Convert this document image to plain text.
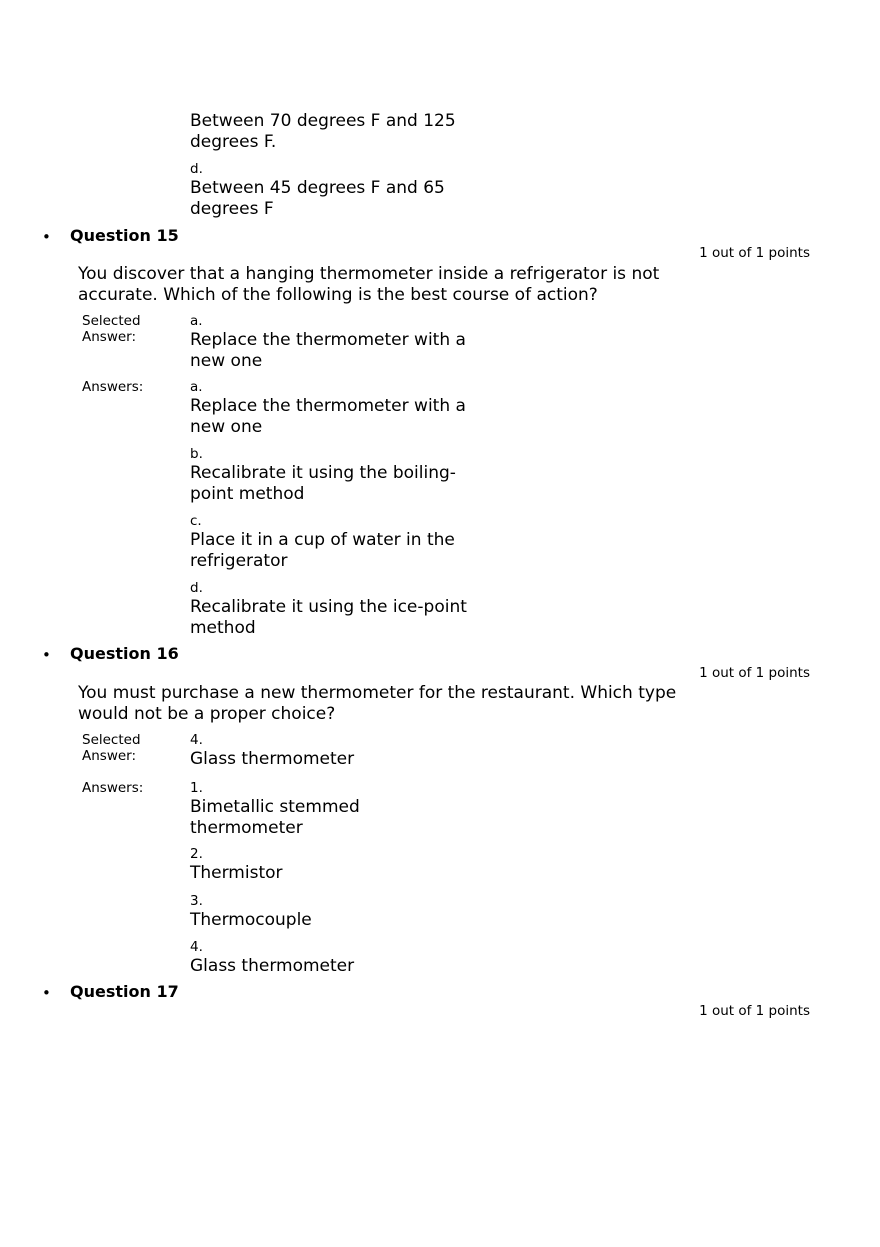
Between 70 degrees F and 125 degrees F.
d.
Between 45 degrees F and 65 degrees F
• Question 15
1 out of 1 points
You discover that a hanging thermometer inside a refrigerator is not accurate. Which of the following is the best course of action?
Selected Answer:
a.
Replace the thermometer with a new one
Answers:	a.
Replace the thermometer with a new one
b.
Recalibrate it using the boiling-point method
c.
Place it in a cup of water in the refrigerator
d.
Recalibrate it using the ice-point method
• Question 16
1 out of 1 points
You must purchase a new thermometer for the restaurant. Which type would not be a proper choice?
Selected Answer:
4.
Glass thermometer
Answers:	1.
Bimetallic stemmed thermometer
2.
Thermistor
3.
Thermocouple
4.
Glass thermometer
• Question 17
1 out of 1 points
